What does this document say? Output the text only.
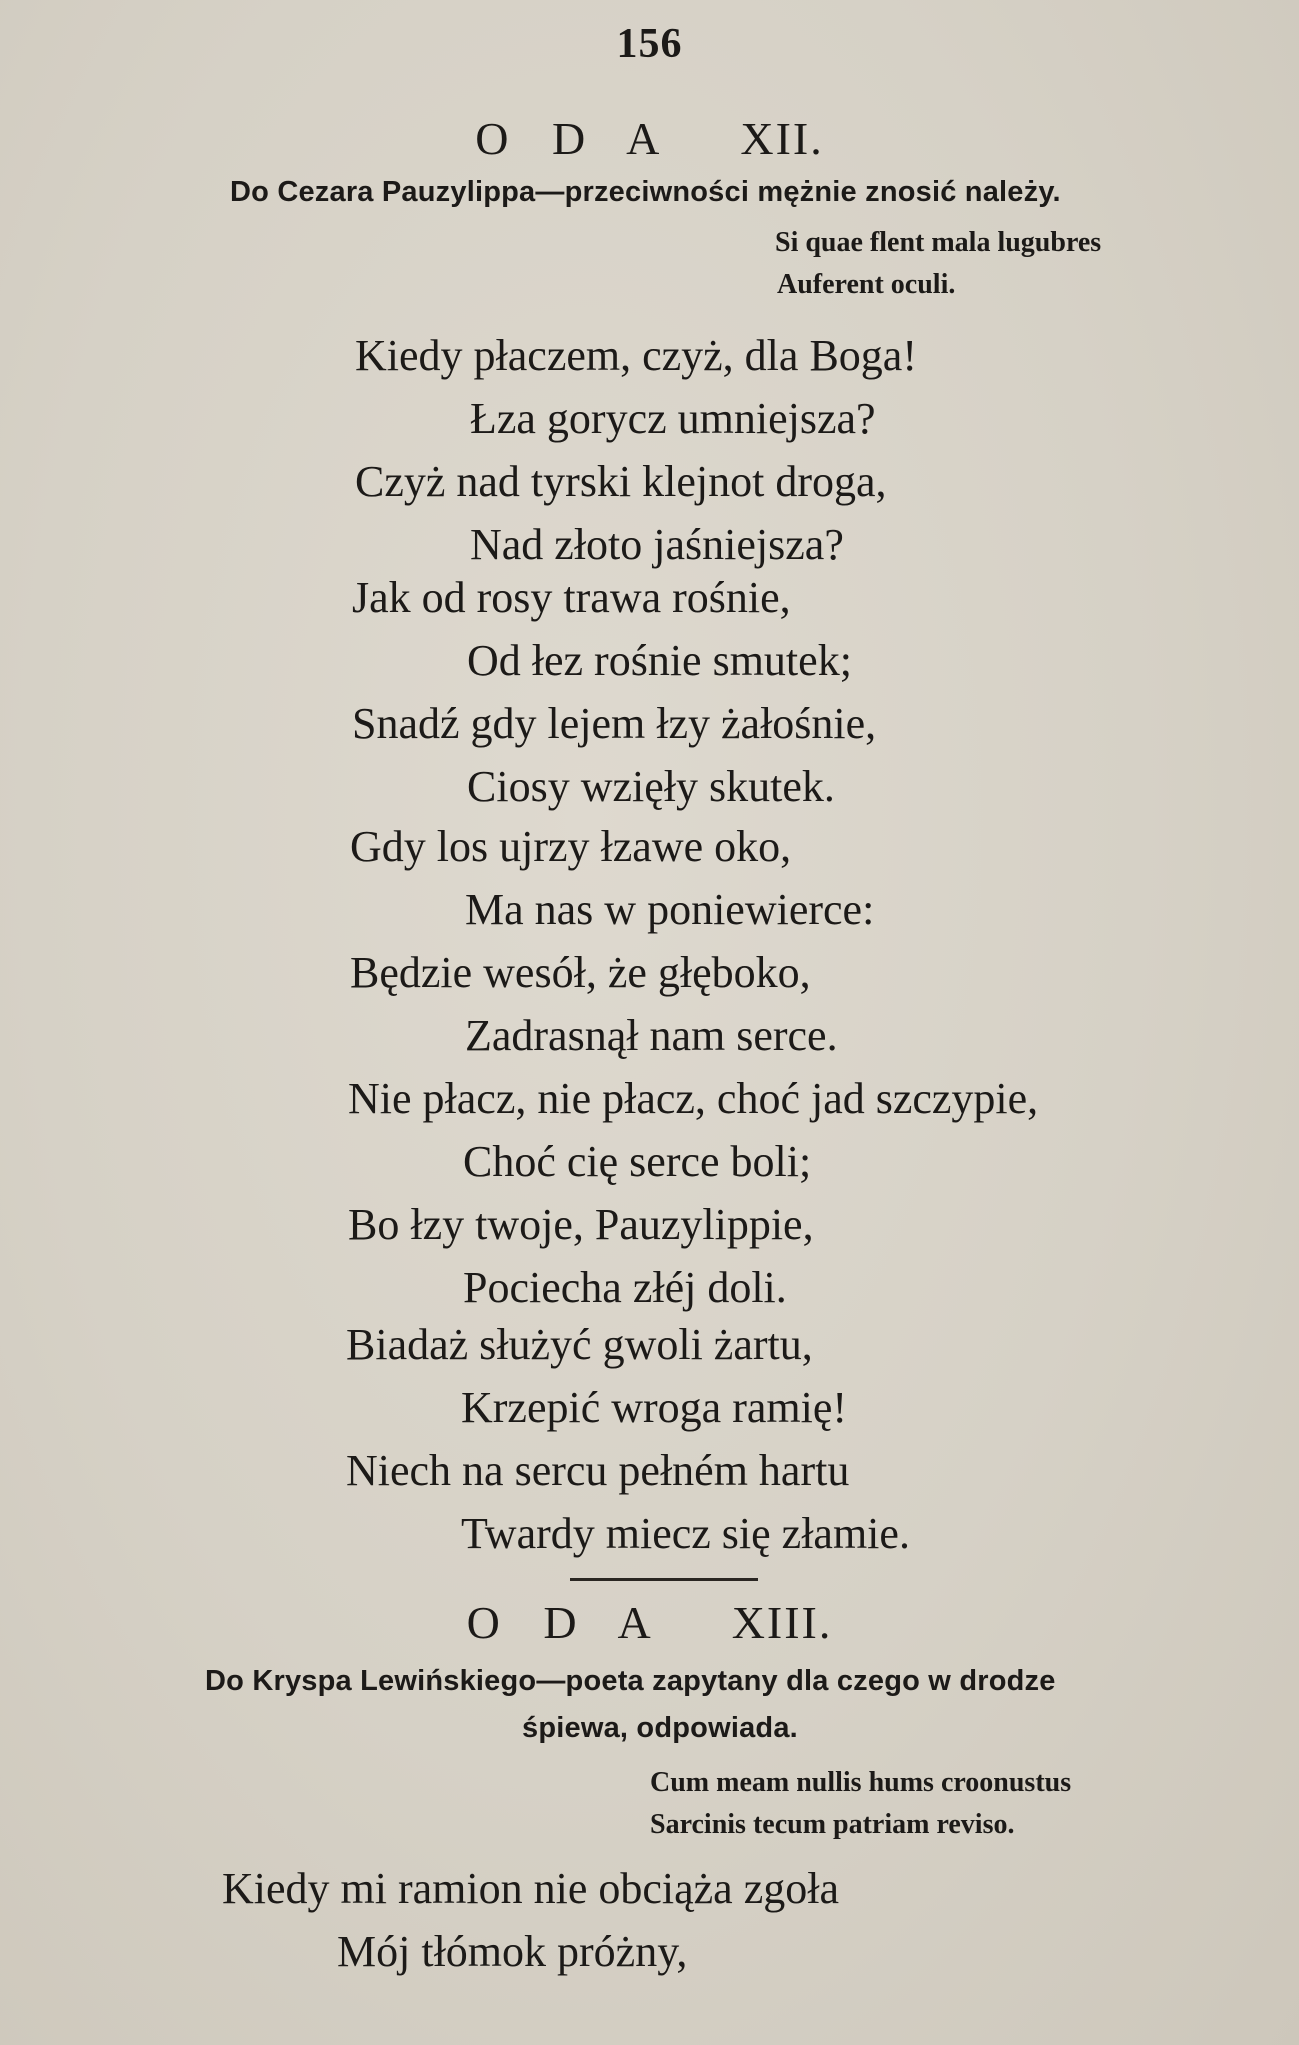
156
O D A XII.
Do Cezara Pauzylippa—przeciwności mężnie znosić należy.
Si quae flent mala lugubres
Auferent oculi.
Kiedy płaczem, czyż, dla Boga!
Łza gorycz umniejsza?
Czyż nad tyrski klejnot droga,
Nad złoto jaśniejsza?
Jak od rosy trawa rośnie,
Od łez rośnie smutek;
Snadź gdy lejem łzy żałośnie,
Ciosy wzięły skutek.
Gdy los ujrzy łzawe oko,
Ma nas w poniewierce:
Będzie wesół, że głęboko,
Zadrasnął nam serce.
Nie płacz, nie płacz, choć jad szczypie,
Choć cię serce boli;
Bo łzy twoje, Pauzylippie,
Pociecha złéj doli.
Biadaż służyć gwoli żartu,
Krzepić wroga ramię!
Niech na sercu pełném hartu
Twardy miecz się złamie.
O D A XIII.
Do Kryspa Lewińskiego—poeta zapytany dla czego w drodze
śpiewa, odpowiada.
Cum meam nullis hums croonustus
Sarcinis tecum patriam reviso.
Kiedy mi ramion nie obciąża zgoła
Mój tłómok próżny,
